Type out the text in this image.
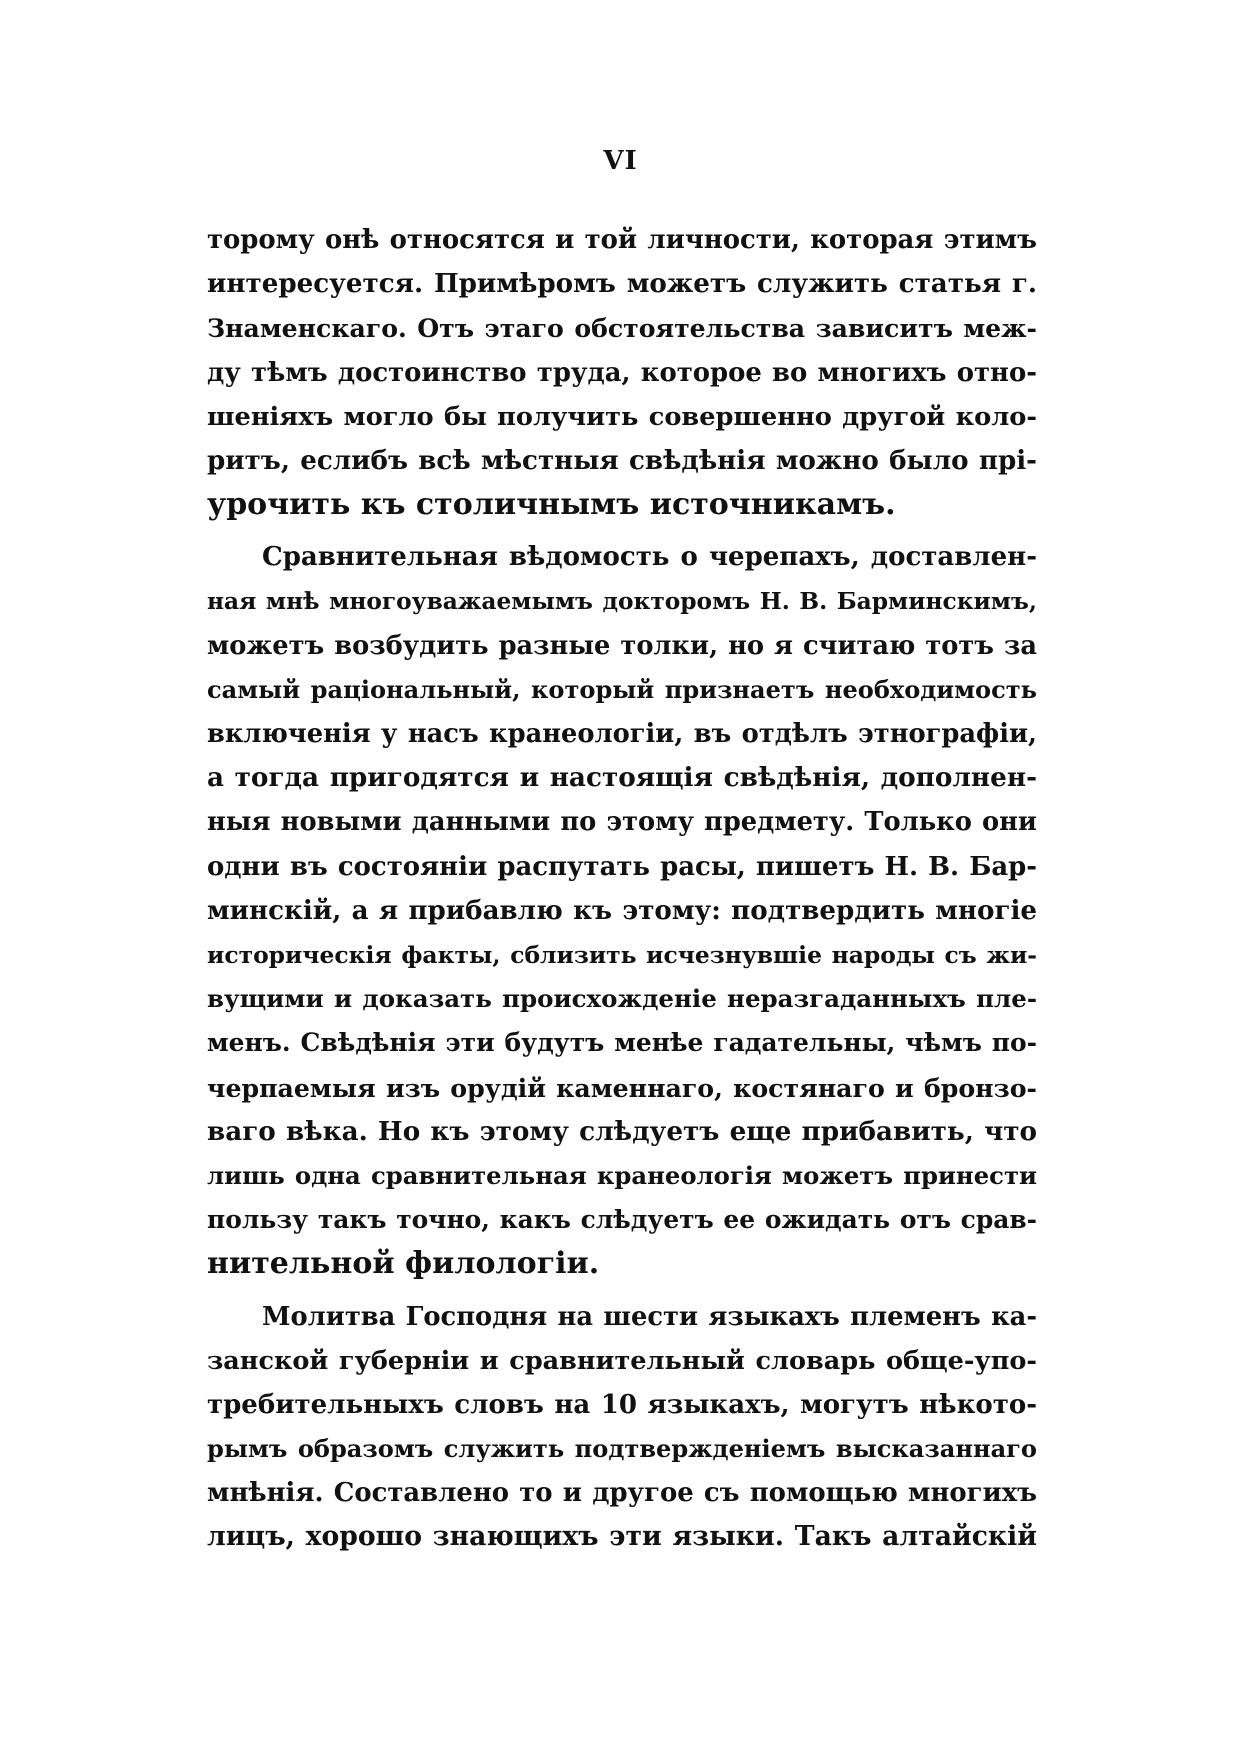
VI
торому онѣ относятся и той личности, которая этимъ
интересуется. Примѣромъ можетъ служить статья г.
Знаменскаго. Отъ этаго обстоятельства зависитъ меж-
ду тѣмъ достоинство труда, которое во многихъ отно-
шеніяхъ могло бы получить совершенно другой коло-
ритъ, еслибъ всѣ мѣстныя свѣдѣнія можно было прі-
урочить къ столичнымъ источникамъ.
Сравнительная вѣдомость о черепахъ, доставлен-
ная мнѣ многоуважаемымъ докторомъ Н. В. Барминскимъ,
можетъ возбудить разные толки, но я считаю тотъ за
самый раціональный, который признаетъ необходимость
включенія у насъ кранеологіи, въ отдѣлъ этнографіи,
а тогда пригодятся и настоящія свѣдѣнія, дополнен-
ныя новыми данными по этому предмету. Только они
одни въ состояніи распутать расы, пишетъ Н. В. Бар-
минскій, а я прибавлю къ этому: подтвердить многіе
историческія факты, сблизить исчезнувшіе народы съ жи-
вущими и доказать происхожденіе неразгаданныхъ пле-
менъ. Свѣдѣнія эти будутъ менѣе гадательны, чѣмъ по-
черпаемыя изъ орудій каменнаго, костянаго и бронзо-
ваго вѣка. Но къ этому слѣдуетъ еще прибавить, что
лишь одна сравнительная кранеологія можетъ принести
пользу такъ точно, какъ слѣдуетъ ее ожидать отъ срав-
нительной филологіи.
Молитва Господня на шести языкахъ племенъ ка-
занской губерніи и сравнительный словарь обще-упо-
требительныхъ словъ на 10 языкахъ, могутъ нѣкото-
рымъ образомъ служить подтвержденіемъ высказаннаго
мнѣнія. Составлено то и другое съ помощью многихъ
лицъ, хорошо знающихъ эти языки. Такъ алтайскій
